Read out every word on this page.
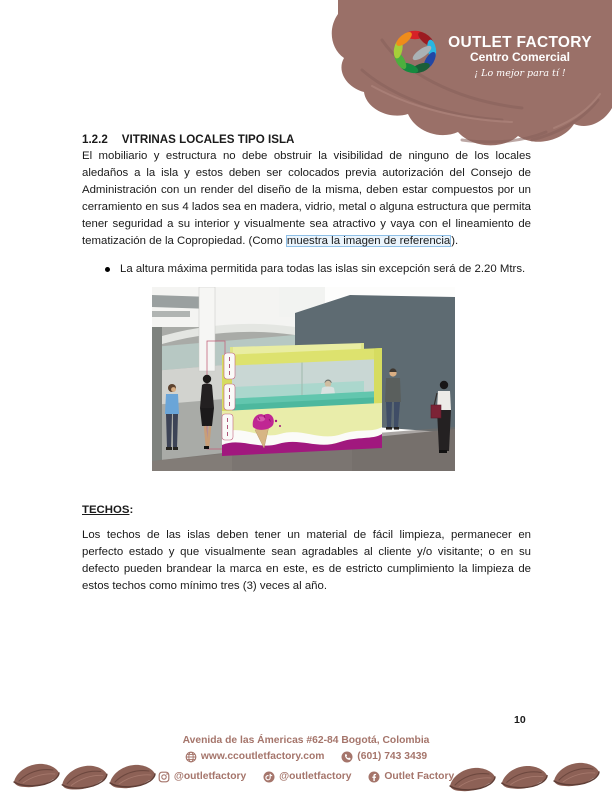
OUTLET FACTORY
Centro Comercial
¡ Lo mejor para tí !
1.2.2 VITRINAS LOCALES TIPO ISLA

El mobiliario y estructura no debe obstruir la visibilidad de ninguno de los locales aledaños a la isla y estos deben ser colocados previa autorización del Consejo de Administración con un render del diseño de la misma, deben estar compuestos por un cerramiento en sus 4 lados sea en madera, vidrio, metal o alguna estructura que permita tener seguridad a su interior y visualmente sea atractivo y vaya con el lineamiento de tematización de la Copropiedad. (Como muestra la imagen de referencia).

La altura máxima permitida para todas las islas sin excepción será de 2.20 Mtrs.
TECHOS:

Los techos de las islas deben tener un material de fácil limpieza, permanecer en perfecto estado y que visualmente sean agradables al cliente y/o visitante; o en su defecto pueden brandear la marca en este, es de estricto cumplimiento la limpieza de estos techos como mínimo tres (3) veces al año.

10
Avenida de las Ámericas #62-84 Bogotá, Colombia
www.ccoutletfactory.com
	(601) 743 3439
@outletfactory
	@outletfactory
	Outlet Factory
